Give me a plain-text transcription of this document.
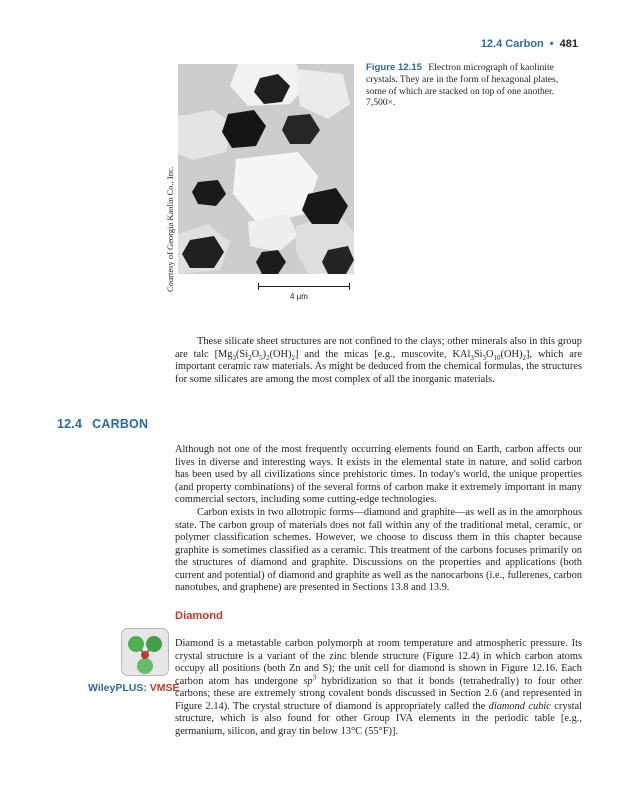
12.4 Carbon • 481
Courtesy of Georgia Kaolin Co., Inc.
4 μm
Figure 12.15 Electron micrograph of kaolinite crystals. They are in the form of hexagonal plates, some of which are stacked on top of one another. 7,500×.

These silicate sheet structures are not confined to the clays; other minerals also in this group are talc $[Mg_3(Si_2O_5)_2(OH)_2]$ and the micas [e.g., muscovite, $KAl_3Si_3O_{10}(OH)_2$], which are important ceramic raw materials. As might be deduced from the chemical formulas, the structures for some silicates are among the most complex of all the inorganic materials.

12.4 CARBON

Although not one of the most frequently occurring elements found on Earth, carbon affects our lives in diverse and interesting ways. It exists in the elemental state in nature, and solid carbon has been used by all civilizations since prehistoric times. In today's world, the unique properties (and property combinations) of the several forms of carbon make it extremely important in many commercial sectors, including some cutting-edge technologies.

Carbon exists in two allotropic forms—diamond and graphite—as well as in the amorphous state. The carbon group of materials does not fall within any of the traditional metal, ceramic, or polymer classification schemes. However, we choose to discuss them in this chapter because graphite is sometimes classified as a ceramic. This treatment of the carbons focuses primarily on the structures of diamond and graphite. Discussions on the properties and applications (both current and potential) of diamond and graphite as well as the nanocarbons (i.e., fullerenes, carbon nanotubes, and graphene) are presented in Sections 13.8 and 13.9.

Diamond
WileyPLUS: VMSE

Diamond is a metastable carbon polymorph at room temperature and atmospheric pressure. Its crystal structure is a variant of the zinc blende structure (Figure 12.4) in which carbon atoms occupy all positions (both Zn and S); the unit cell for diamond is shown in Figure 12.16. Each carbon atom has undergone $sp^3$ hybridization so that it bonds (tetrahedrally) to four other carbons; these are extremely strong covalent bonds discussed in Section 2.6 (and represented in Figure 2.14). The crystal structure of diamond is appropriately called the diamond cubic crystal structure, which is also found for other Group IVA elements in the periodic table [e.g., germanium, silicon, and gray tin below 13°C (55°F)].
